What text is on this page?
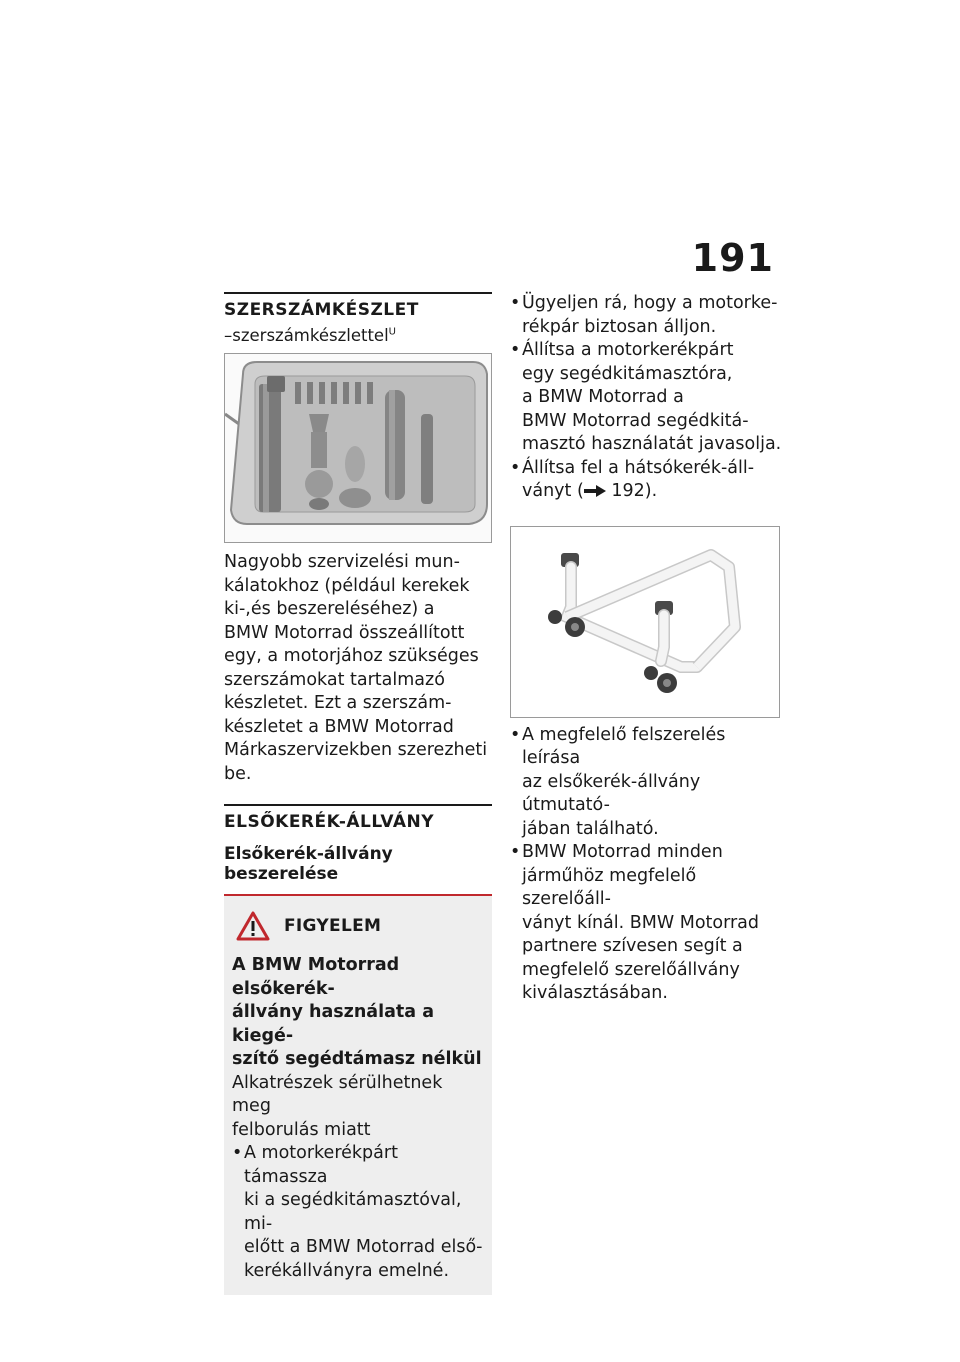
191
SZERSZÁMKÉSZLET
–szerszámkészlettel$^U$
Nagyobb szervizelési mun-
kálatokhoz (például kerekek
ki-,és beszereléséhez) a
BMW Motorrad összeállított
egy, a motorjához szükséges
szerszámokat tartalmazó
készletet. Ezt a szerszám-
készletet a BMW Motorrad
Márkaszervizekben szerezheti
be.
ELSŐKERÉK-ÁLLVÁNY
Elsőkerék-állvány beszerelése
FIGYELEM
A BMW Motorrad elsőkerék-
állvány használata a kiegé-
szítő segédtámasz nélkül
Alkatrészek sérülhetnek meg
felborulás miatt
• A motorkerékpárt támassza
ki a segédkitámasztóval, mi-
előtt a BMW Motorrad első-
kerékállványra emelné.
• Ügyeljen rá, hogy a motorke-
rékpár biztosan álljon.
• Állítsa a motorkerékpárt
egy segédkitámasztóra,
a BMW Motorrad a
BMW Motorrad segédkitá-
masztó használatát javasolja.
• Állítsa fel a hátsókerék-áll-
ványt ( 192).
• A megfelelő felszerelés leírása
az elsőkerék-állvány útmutató-
jában található.
• BMW Motorrad minden
járműhöz megfelelő szerelőáll-
ványt kínál. BMW Motorrad
partnere szívesen segít a
megfelelő szerelőállvány
kiválasztásában.
